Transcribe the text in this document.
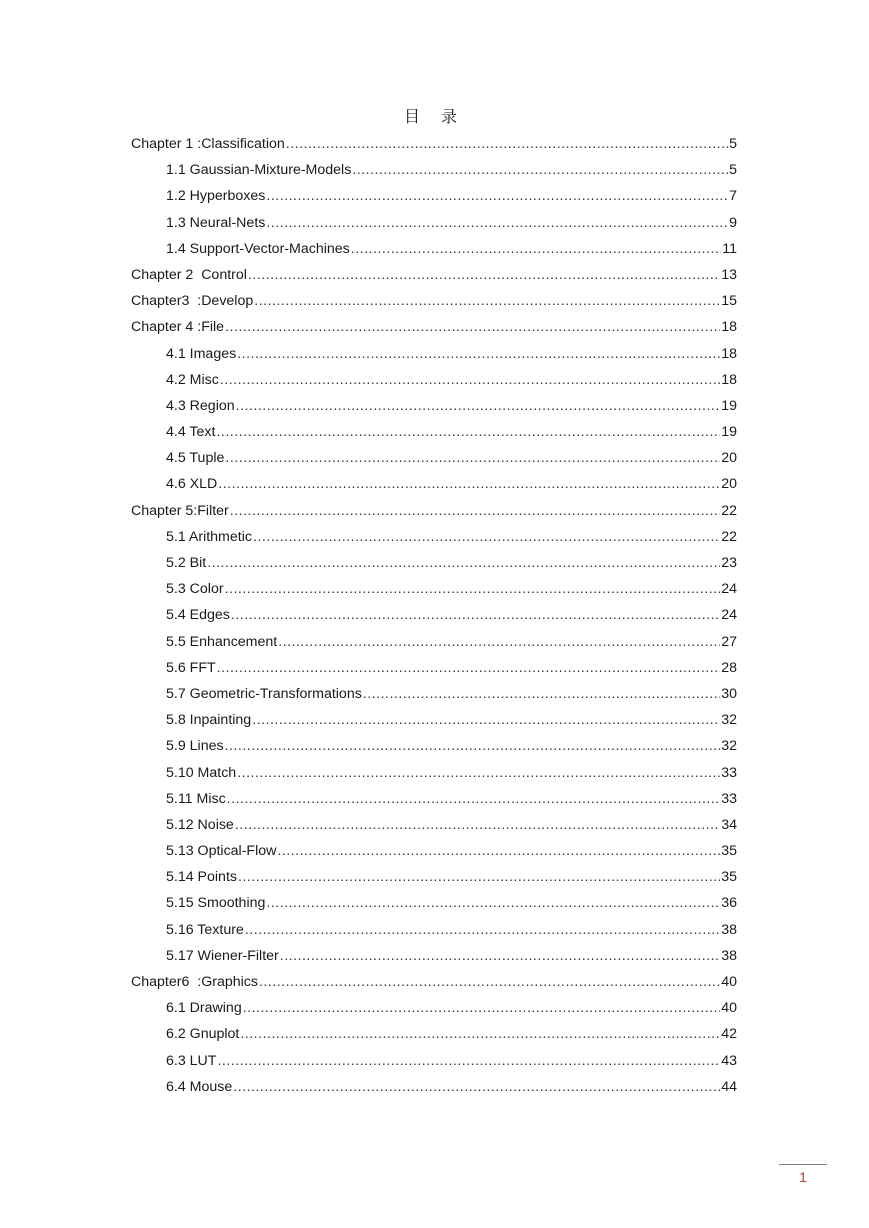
目 录
Chapter 1 :Classification .....	5
1.1 Gaussian-Mixture-Models .....	5
1.2 Hyperboxes .....	7
1.3 Neural-Nets .....	9
1.4 Support-Vector-Machines .....	11
Chapter 2  Control .....	13
Chapter3  :Develop .....	15
Chapter 4 :File .....	18
4.1 Images .....	18
4.2 Misc .....	18
4.3 Region .....	19
4.4 Text .....	19
4.5 Tuple .....	20
4.6 XLD .....	20
Chapter 5:Filter .....	22
5.1 Arithmetic .....	22
5.2 Bit .....	23
5.3 Color .....	24
5.4 Edges .....	24
5.5 Enhancement .....	27
5.6 FFT .....	28
5.7 Geometric-Transformations .....	30
5.8 Inpainting .....	32
5.9 Lines .....	32
5.10 Match .....	33
5.11 Misc .....	33
5.12 Noise .....	34
5.13 Optical-Flow .....	35
5.14 Points .....	35
5.15 Smoothing .....	36
5.16 Texture .....	38
5.17 Wiener-Filter .....	38
Chapter6  :Graphics .....	40
6.1 Drawing .....	40
6.2 Gnuplot .....	42
6.3 LUT .....	43
6.4 Mouse .....	44
1
